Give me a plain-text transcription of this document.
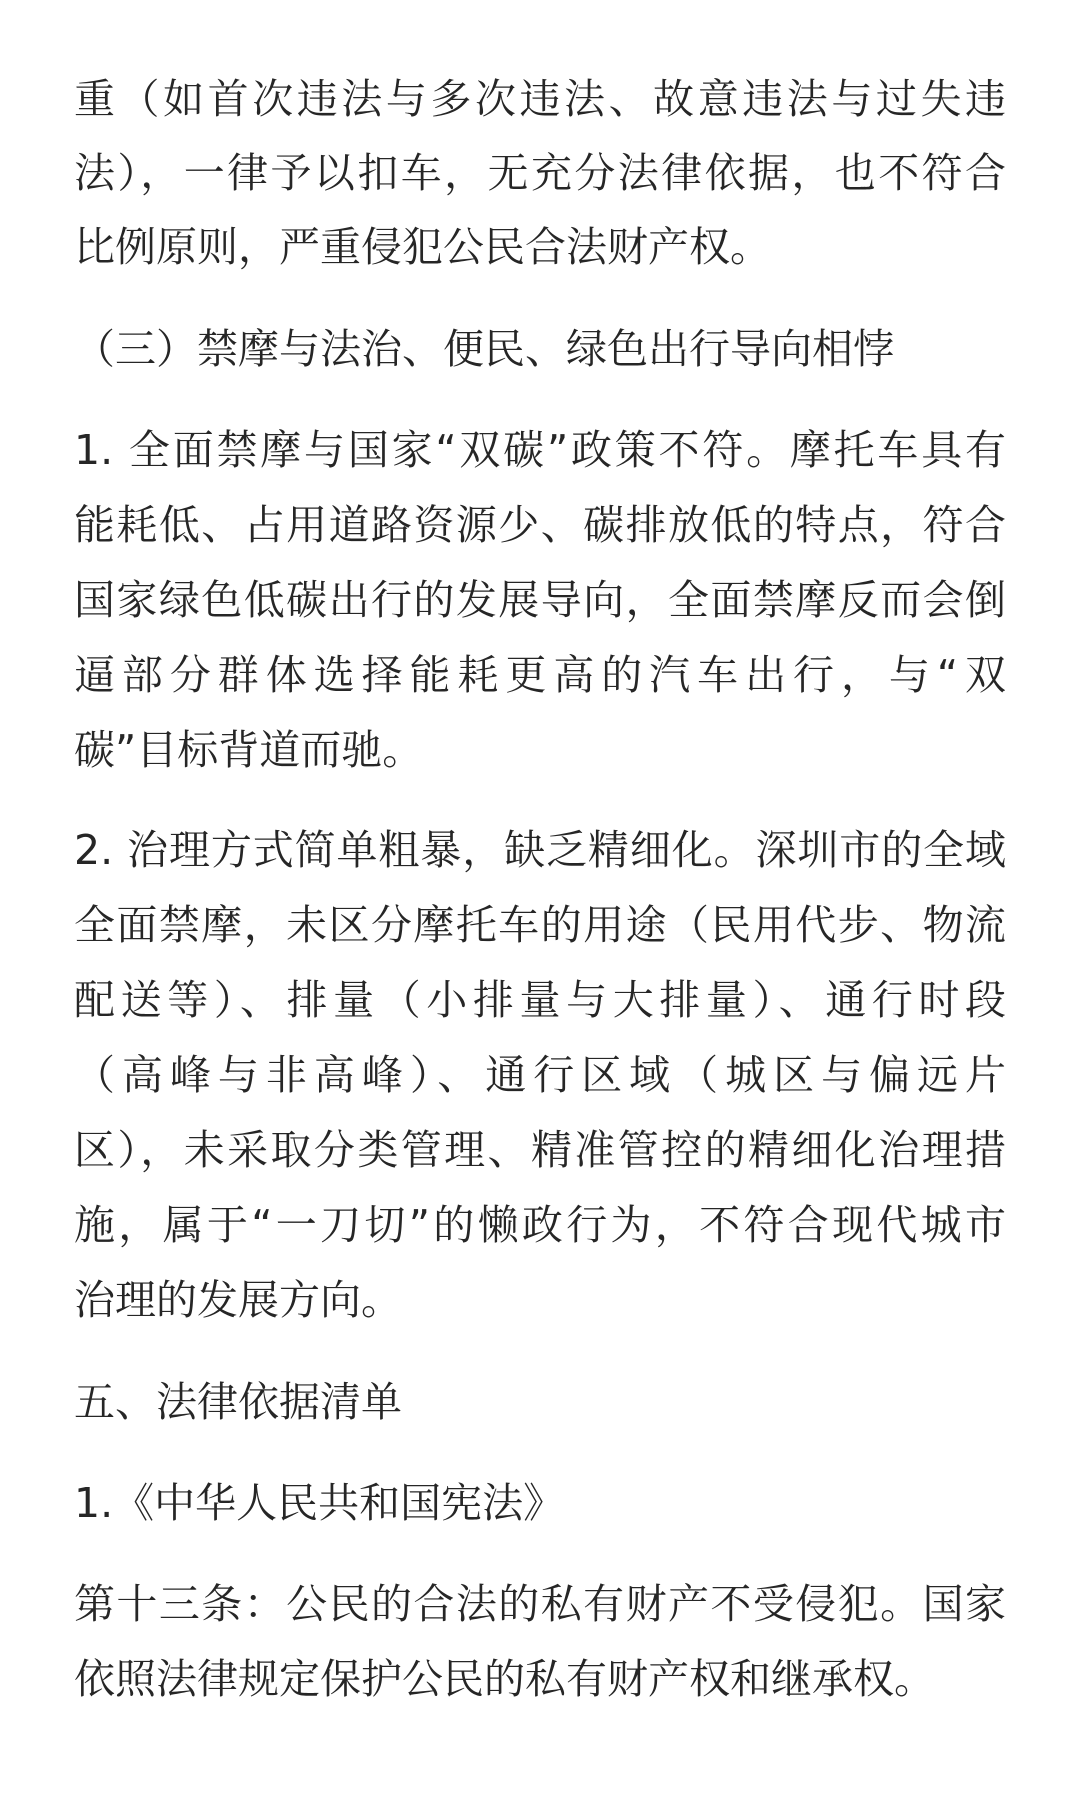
重（如首次违法与多次违法、故意违法与过失违
法），一律予以扣车，无充分法律依据，也不符合
比例原则，严重侵犯公民合法财产权。
（三）禁摩与法治、便民、绿色出行导向相悖
1. 全面禁摩与国家“双碳”政策不符。摩托车具有
能耗低、占用道路资源少、碳排放低的特点，符合
国家绿色低碳出行的发展导向，全面禁摩反而会倒
逼部分群体选择能耗更高的汽车出行，与“双
碳”目标背道而驰。
2. 治理方式简单粗暴，缺乏精细化。深圳市的全域
全面禁摩，未区分摩托车的用途（民用代步、物流
配送等）、排量（小排量与大排量）、通行时段
（高峰与非高峰）、通行区域（城区与偏远片
区），未采取分类管理、精准管控的精细化治理措
施，属于“一刀切”的懒政行为，不符合现代城市
治理的发展方向。
五、法律依据清单
1.《中华人民共和国宪法》
第十三条：公民的合法的私有财产不受侵犯。国家
依照法律规定保护公民的私有财产权和继承权。
